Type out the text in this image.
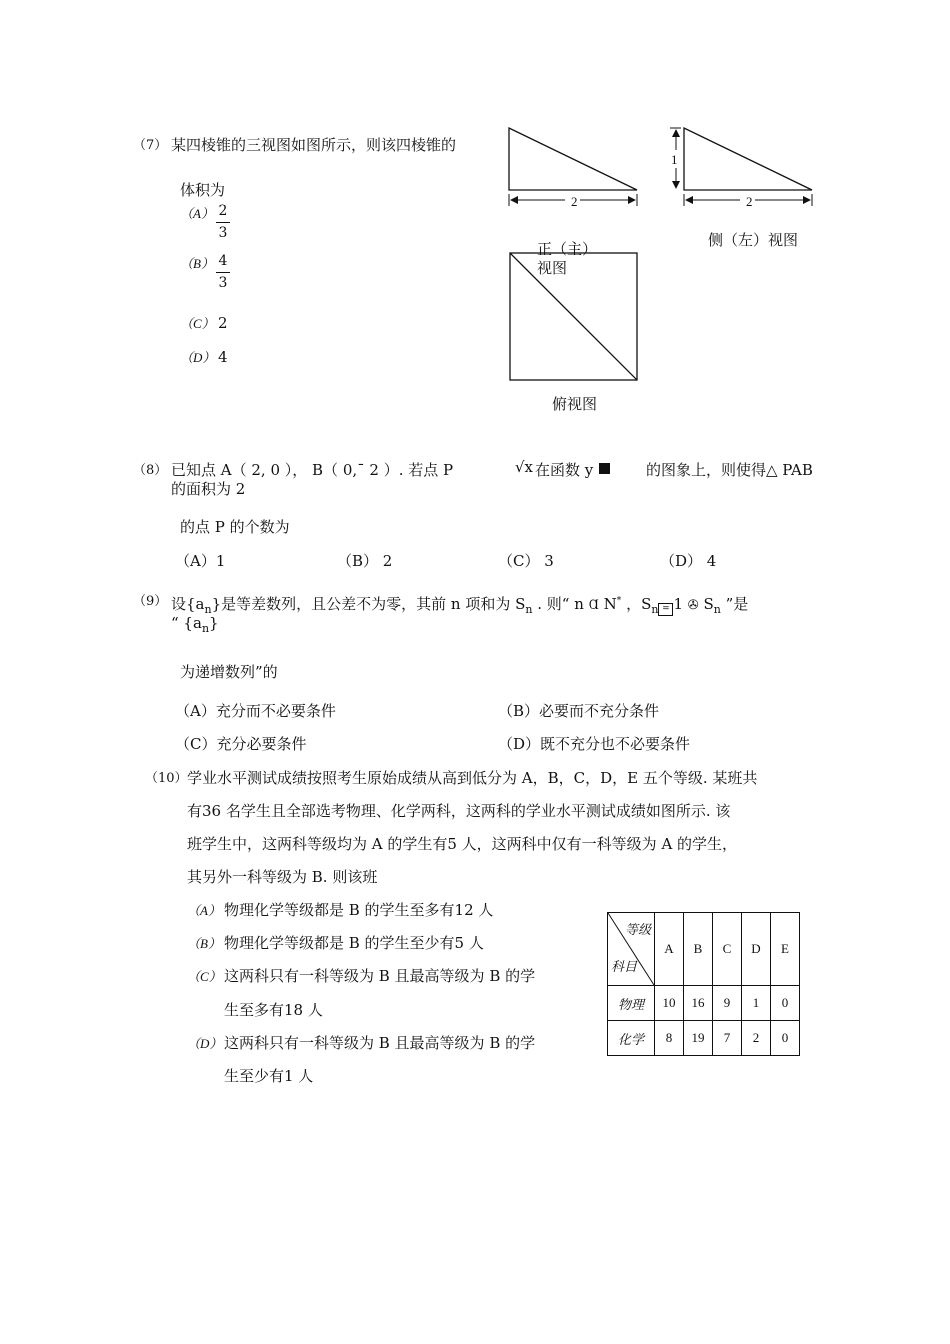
（7） 某四棱锥的三视图如图所示，则该四棱锥的
体积为
（A） 2
3
（B） 4
3
（C） 2
（D） 4
2	2
1
正（主）
视图
侧（左）视图
俯视图
（8） 已知点 A（ 2, 0 ）， B（ 0,¯ 2 ）. 若点 P	√x 在函数 y	的图象上，则使得△ PAB
的面积为 2
的点 P 的个数为
（A）1	（B） 2	（C） 3	（D） 4
（9） 设$\{a_n\}$是等差数列，且公差不为零，其前 n 项和为 $S_n$ . 则“ n Ɑ N* ，$S_n = 1$ ✇ $S_n$ ”是
“ $\{a_n\}$
为递增数列”的
（A）充分而不必要条件	（B）必要而不充分条件
（C）充分必要条件	（D）既不充分也不必要条件
（10） 学业水平测试成绩按照考生原始成绩从高到低分为 A，B，C，D，E 五个等级. 某班共
有36 名学生且全部选考物理、化学两科，这两科的学业水平测试成绩如图所示. 该
班学生中，这两科等级均为 A 的学生有5 人，这两科中仅有一科等级为 A 的学生，
其另外一科等级为 B. 则该班
（A） 物理化学等级都是 B 的学生至多有12 人
（B） 物理化学等级都是 B 的学生至少有5 人
（C） 这两科只有一科等级为 B 且最高等级为 B 的学
生至多有18 人
（D） 这两科只有一科等级为 B 且最高等级为 B 的学
生至少有1 人
等级
科目	A	B	C	D	E
物理	10	16	9	1	0
化学	8	19	7	2	0
